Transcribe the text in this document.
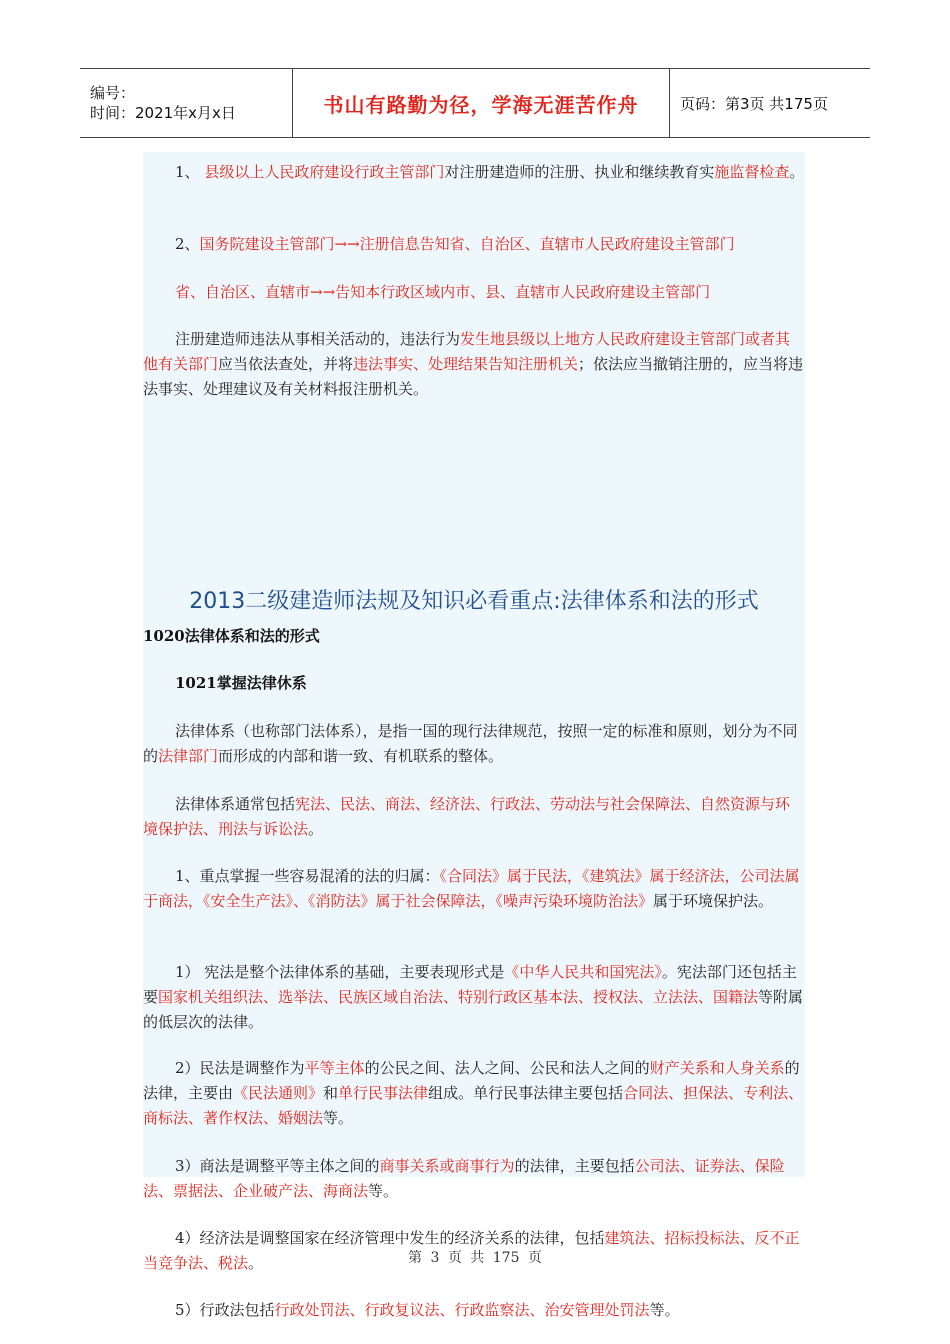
编号：
时间：2021年x月x日	书山有路勤为径，学海无涯苦作舟	页码：第3页 共175页
1、 县级以上人民政府建设行政主管部门对注册建造师的注册、执业和继续教育实施监督检查。
2、国务院建设主管部门→→注册信息告知省、自治区、直辖市人民政府建设主管部门
省、自治区、直辖市→→告知本行政区域内市、县、直辖市人民政府建设主管部门
注册建造师违法从事相关活动的，违法行为发生地县级以上地方人民政府建设主管部门或者其他有关部门应当依法查处，并将违法事实、处理结果告知注册机关；依法应当撤销注册的，应当将违法事实、处理建议及有关材料报注册机关。
2013二级建造师法规及知识必看重点:法律体系和法的形式
1020法律体系和法的形式
1021掌握法律休系
法律体系（也称部门法体系），是指一国的现行法律规范，按照一定的标准和原则，划分为不同的法律部门而形成的内部和谐一致、有机联系的整体。
法律体系通常包括宪法、民法、商法、经济法、行政法、劳动法与社会保障法、自然资源与环境保护法、刑法与诉讼法。
1、重点掌握一些容易混淆的法的归属：《合同法》属于民法，《建筑法》属于经济法，公司法属于商法，《安全生产法》、《消防法》属于社会保障法，《噪声污染环境防治法》属于环境保护法。
1） 宪法是整个法律体系的基础，主要表现形式是《中华人民共和国宪法》。宪法部门还包括主要国家机关组织法、选举法、民族区域自治法、特别行政区基本法、授权法、立法法、国籍法等附属的低层次的法律。
2）民法是调整作为平等主体的公民之间、法人之间、公民和法人之间的财产关系和人身关系的法律，主要由《民法通则》和单行民事法律组成。单行民事法律主要包括合同法、担保法、专利法、商标法、著作权法、婚姻法等。
3）商法是调整平等主体之间的商事关系或商事行为的法律，主要包括公司法、证券法、保险法、票据法、企业破产法、海商法等。
4）经济法是调整国家在经济管理中发生的经济关系的法律，包括建筑法、招标投标法、反不正当竞争法、税法。
5）行政法包括行政处罚法、行政复议法、行政监察法、治安管理处罚法等。
第 3 页 共 175 页
